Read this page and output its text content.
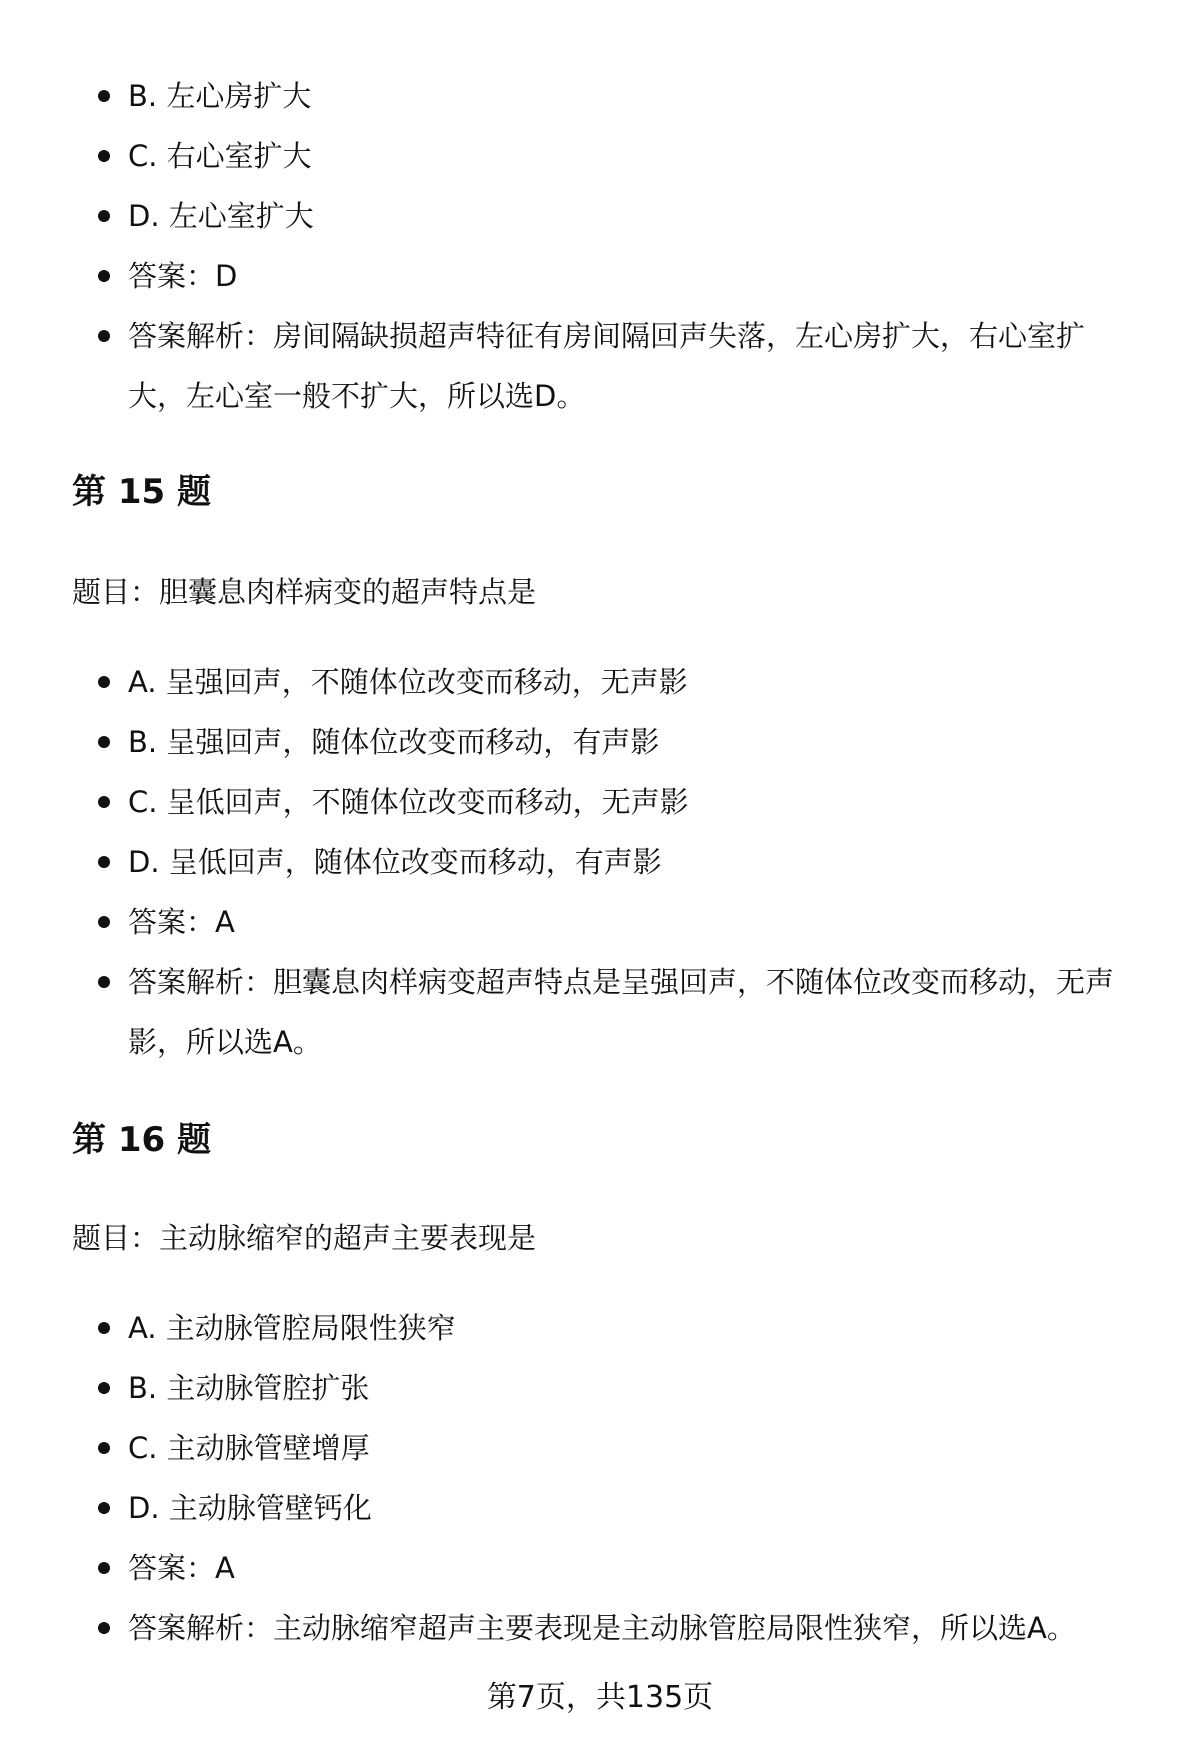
B. 左心房扩大
C. 右心室扩大
D. 左心室扩大
答案：D
答案解析：房间隔缺损超声特征有房间隔回声失落，左心房扩大，右心室扩大，左心室一般不扩大，所以选D。
第 15 题

题目：胆囊息肉样病变的超声特点是

A. 呈强回声，不随体位改变而移动，无声影
B. 呈强回声，随体位改变而移动，有声影
C. 呈低回声，不随体位改变而移动，无声影
D. 呈低回声，随体位改变而移动，有声影
答案：A
答案解析：胆囊息肉样病变超声特点是呈强回声，不随体位改变而移动，无声影，所以选A。
第 16 题

题目：主动脉缩窄的超声主要表现是

A. 主动脉管腔局限性狭窄
B. 主动脉管腔扩张
C. 主动脉管壁增厚
D. 主动脉管壁钙化
答案：A
答案解析：主动脉缩窄超声主要表现是主动脉管腔局限性狭窄，所以选A。
第7页，共135页
